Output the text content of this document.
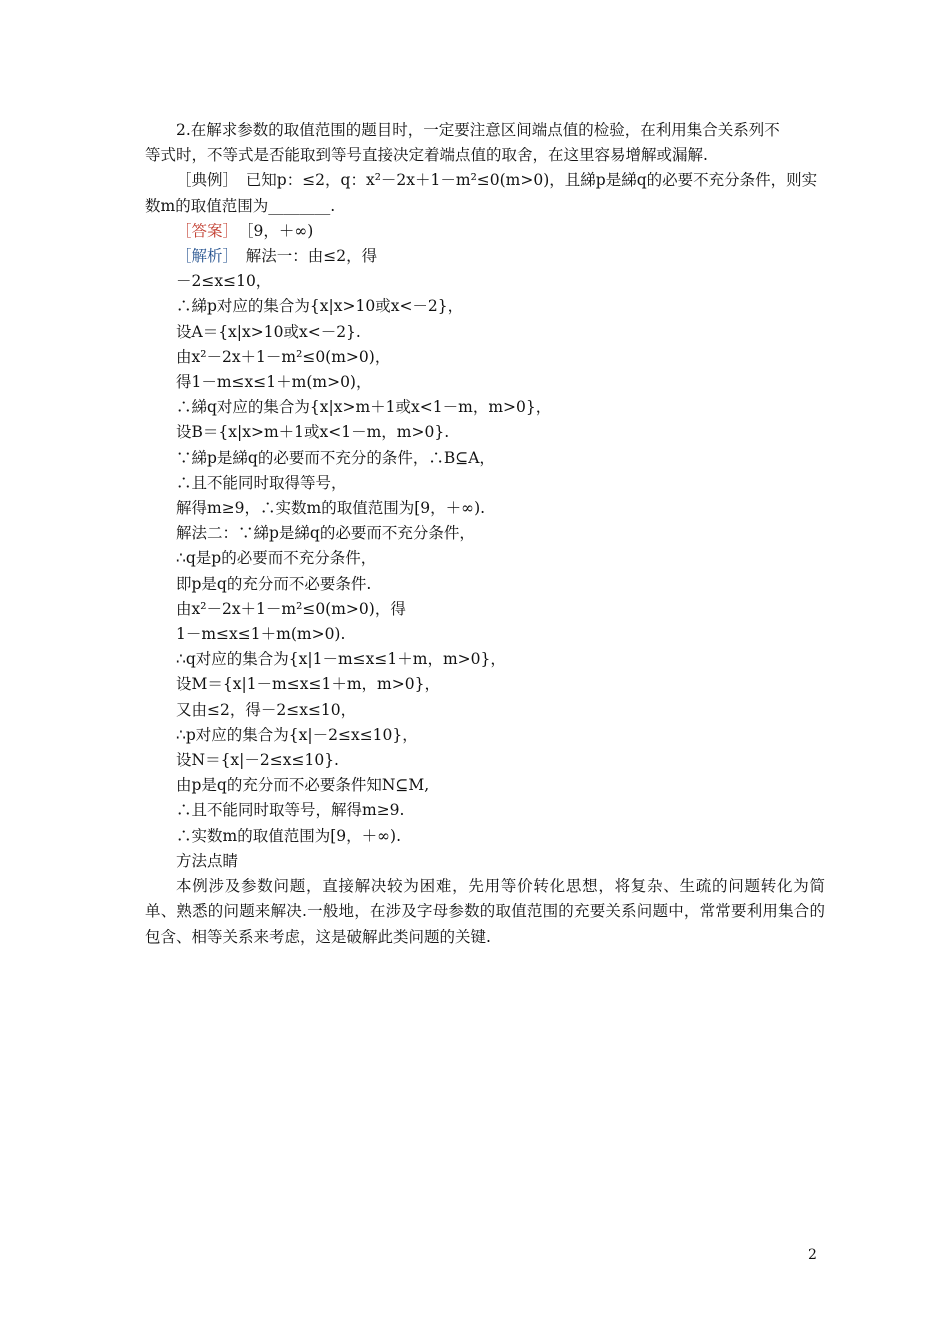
2.在解求参数的取值范围的题目时，一定要注意区间端点值的检验，在利用集合关系列不

等式时，不等式是否能取到等号直接决定着端点值的取舍，在这里容易增解或漏解.

［典例］　已知p：≤2，q：x²－2x＋1－m²≤0(m>0)，且綈p是綈q的必要不充分条件，则实

数m的取值范围为________.

［答案］　［9，＋∞)

［解析］　解法一：由≤2，得

－2≤x≤10，

∴綈p对应的集合为{x|x>10或x<－2}，

设A＝{x|x>10或x<－2}.

由x²－2x＋1－m²≤0(m>0)，

得1－m≤x≤1＋m(m>0)，

∴綈q对应的集合为{x|x>m＋1或x<1－m，m>0}，

设B＝{x|x>m＋1或x<1－m，m>0}.

∵綈p是綈q的必要而不充分的条件，∴B⊆A，

∴且不能同时取得等号，

解得m≥9，∴实数m的取值范围为[9，＋∞).

解法二：∵綈p是綈q的必要而不充分条件，

∴q是p的必要而不充分条件，

即p是q的充分而不必要条件.

由x²－2x＋1－m²≤0(m>0)，得

1－m≤x≤1＋m(m>0).

∴q对应的集合为{x|1－m≤x≤1＋m，m>0}，

设M＝{x|1－m≤x≤1＋m，m>0}，

又由≤2，得－2≤x≤10，

∴p对应的集合为{x|－2≤x≤10}，

设N＝{x|－2≤x≤10}.

由p是q的充分而不必要条件知N⊆M,

∴且不能同时取等号，解得m≥9.

∴实数m的取值范围为[9，＋∞).

方法点睛

本例涉及参数问题，直接解决较为困难，先用等价转化思想，将复杂、生疏的问题转化为简单、熟悉的问题来解决.一般地，在涉及字母参数的取值范围的充要关系问题中，常常要利用集合的包含、相等关系来考虑，这是破解此类问题的关键.

2
